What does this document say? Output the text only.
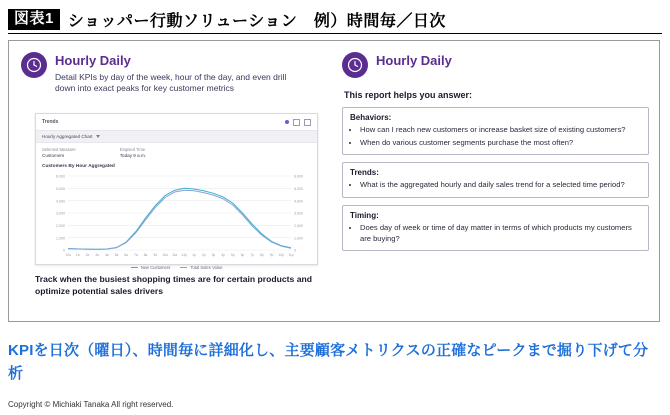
図表1 ショッパー行動ソリューション　例）時間毎／日次
Hourly Daily
Detail KPIs by day of the week, hour of the day, and even drill down into exact peaks for key customer metrics
Trends
Hourly Aggregated Chart
Selected Measure
Customers
Elapsed Time
Today 9 a.m.
Customers By Hour Aggregated
0	0
1,000	1,000
2,000	2,000
3,000	3,000
4,000	4,000
5,000	5,000
6,000	6,000
12a 1a 2a 3a 4a 5a 6a 7a 8a 9a 10a 11a 12p 1p 2p 3p 4p 5p 6p 7p 8p 9p 10p 11p
New Customers	Total Sales Value
Track when the busiest shopping times are for certain products and optimize potential sales drivers
Hourly Daily
This report helps you answer:
Behaviors:
• How can I reach new customers or increase basket size of existing customers?
• When do various customer segments purchase the most often?
Trends:
• What is the aggregated hourly and daily sales trend for a selected time period?
Timing:
• Does day of week or time of day matter in terms of which products my customers are buying?
KPIを日次（曜日）、時間毎に詳細化し、主要顧客メトリクスの正確なピークまで掘り下げて分析
Copyright © Michiaki Tanaka All right reserved.
